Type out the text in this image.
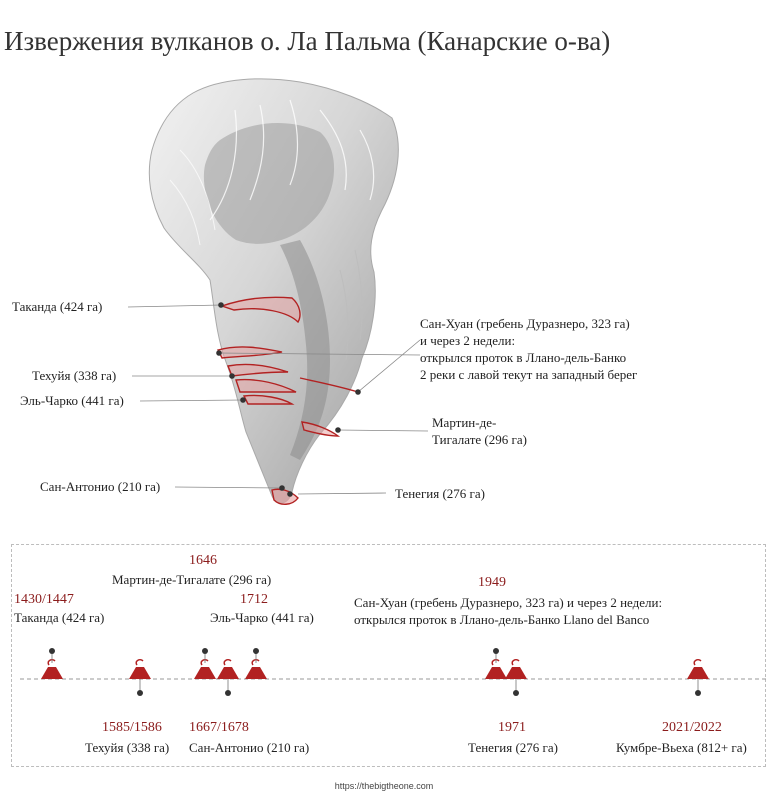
Извержения вулканов о. Ла Пальма (Канарские о-ва)
Таканда (424 га)
Техуйя (338 га)
Эль-Чарко (441 га)
Сан-Антонио (210 га)	Тенегия (276 га)
Мартин-де-
Тигалате (296 га)
Сан-Хуан (гребень Дуразнеро, 323 га)
и через 2 недели:
открылся проток в Ллано-дель-Банко
2 реки с лавой текут на западный берег
1430/1447
Таканда (424 га)
1585/1586
Техуйя (338 га)
1646
Мартин-де-Тигалате (296 га)
1667/1678
Сан-Антонио (210 га)
1712
Эль-Чарко (441 га)
1949
Сан-Хуан (гребень Дуразнеро, 323 га) и через 2 недели:
открылся проток в Ллано-дель-Банко Llano del Banco
1971
Тенегия (276 га)
2021/2022
Кумбре-Вьеха (812+ га)
https://thebigtheone.com
